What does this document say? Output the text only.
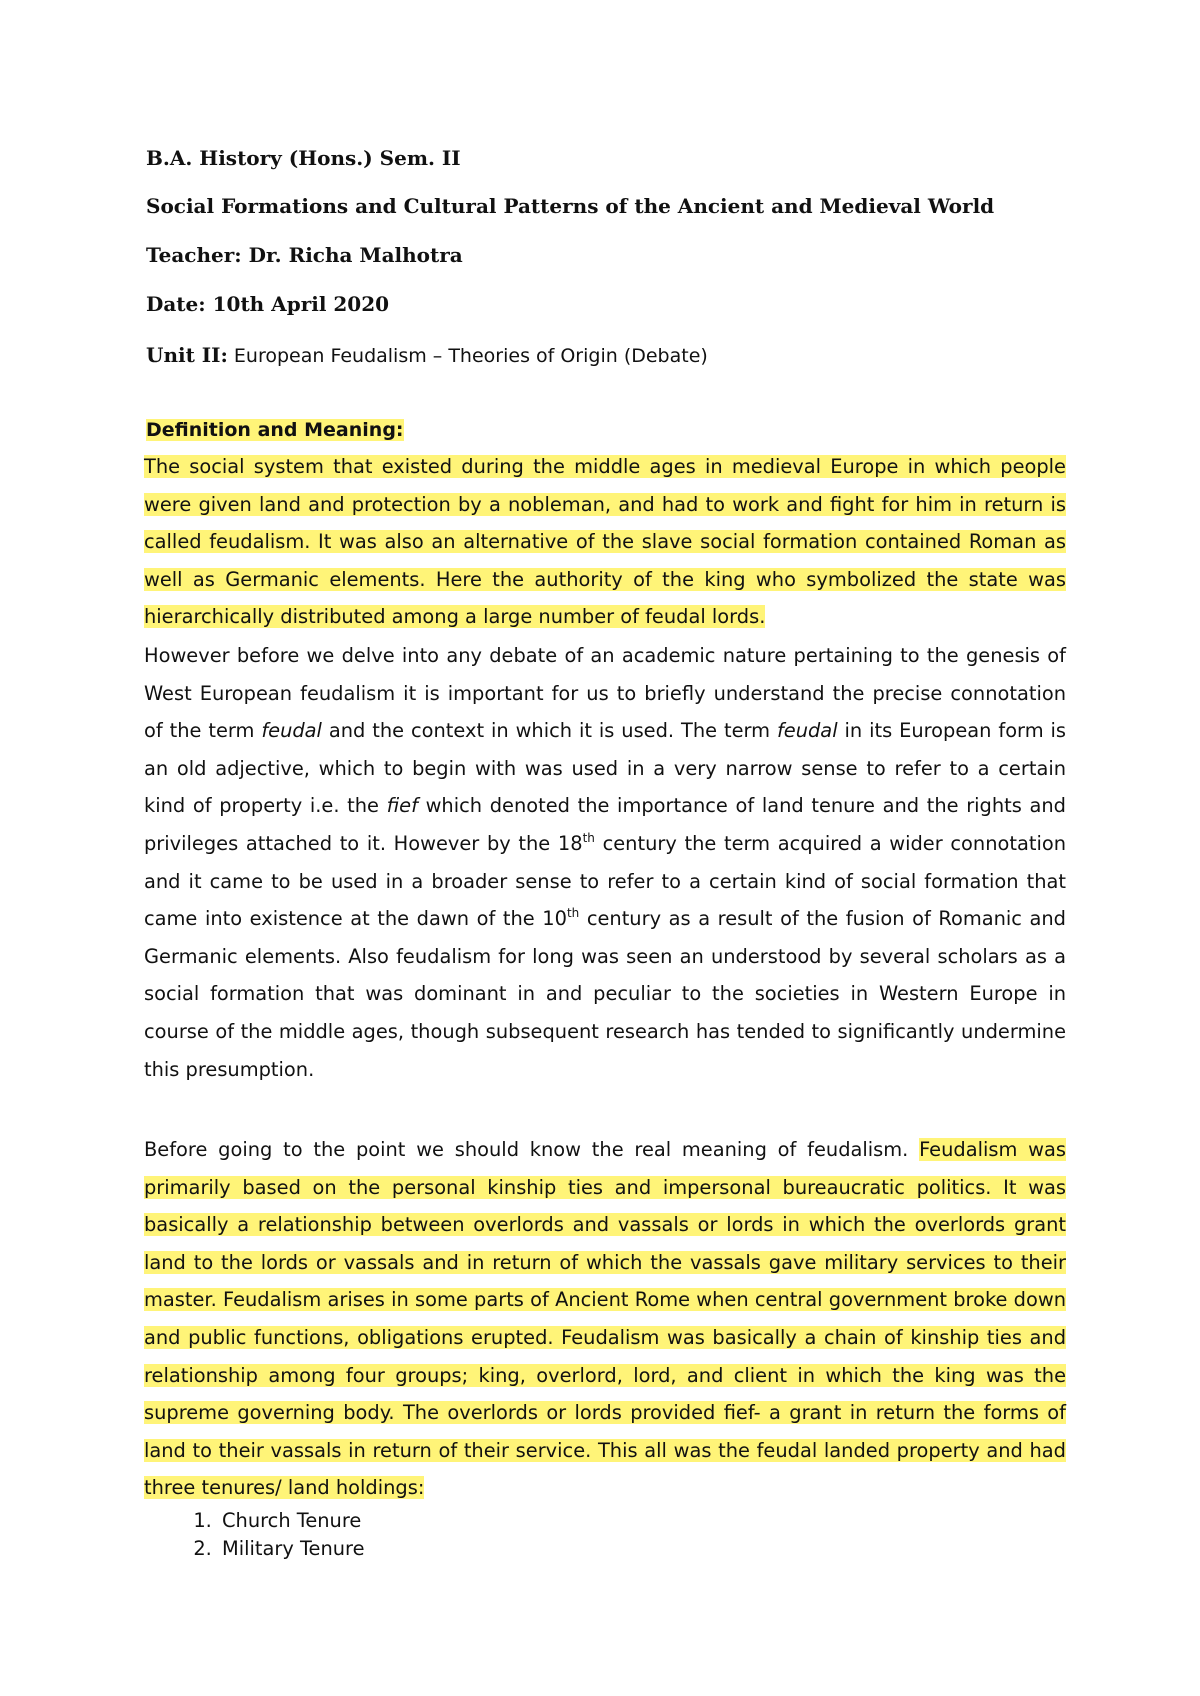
B.A. History (Hons.) Sem. II

Social Formations and Cultural Patterns of the Ancient and Medieval World

Teacher: Dr. Richa Malhotra

Date: 10th April 2020

Unit II: European Feudalism – Theories of Origin (Debate)

Definition and Meaning:

The social system that existed during the middle ages in medieval Europe in which people were given land and protection by a nobleman, and had to work and fight for him in return is called feudalism. It was also an alternative of the slave social formation contained Roman as well as Germanic elements. Here the authority of the king who symbolized the state was hierarchically distributed among a large number of feudal lords.

However before we delve into any debate of an academic nature pertaining to the genesis of West European feudalism it is important for us to briefly understand the precise connotation of the term feudal and the context in which it is used. The term feudal in its European form is an old adjective, which to begin with was used in a very narrow sense to refer to a certain kind of property i.e. the fief which denoted the importance of land tenure and the rights and privileges attached to it. However by the 18th century the term acquired a wider connotation and it came to be used in a broader sense to refer to a certain kind of social formation that came into existence at the dawn of the 10th century as a result of the fusion of Romanic and Germanic elements. Also feudalism for long was seen an understood by several scholars as a social formation that was dominant in and peculiar to the societies in Western Europe in course of the middle ages, though subsequent research has tended to significantly undermine this presumption.

Before going to the point we should know the real meaning of feudalism. Feudalism was primarily based on the personal kinship ties and impersonal bureaucratic politics. It was basically a relationship between overlords and vassals or lords in which the overlords grant land to the lords or vassals and in return of which the vassals gave military services to their master. Feudalism arises in some parts of Ancient Rome when central government broke down and public functions, obligations erupted. Feudalism was basically a chain of kinship ties and relationship among four groups; king, overlord, lord, and client in which the king was the supreme governing body. The overlords or lords provided fief- a grant in return the forms of land to their vassals in return of their service. This all was the feudal landed property and had three tenures/ land holdings:

1. Church Tenure
2. Military Tenure
